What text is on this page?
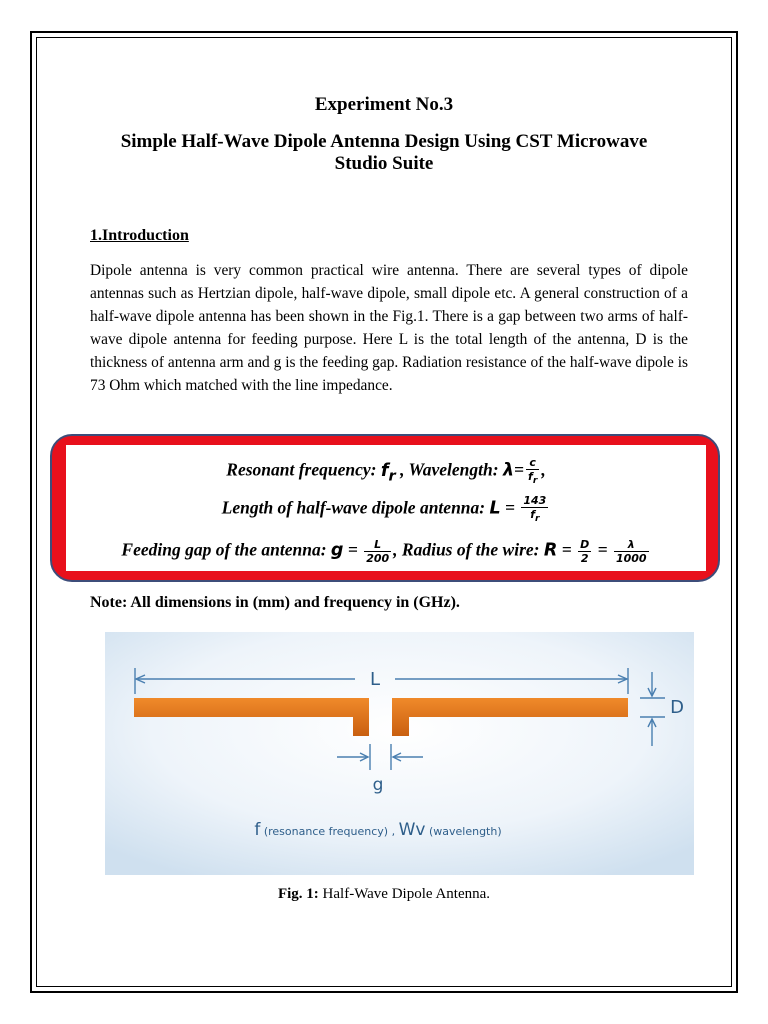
Experiment No.3
Simple Half-Wave Dipole Antenna Design Using CST Microwave
Studio Suite
1.Introduction
Dipole antenna is very common practical wire antenna. There are several types of dipole antennas such as Hertzian dipole, half-wave dipole, small dipole etc. A general construction of a half-wave dipole antenna has been shown in the Fig.1. There is a gap between two arms of half-wave dipole antenna for feeding purpose. Here L is the total length of the antenna, D is the thickness of antenna arm and g is the feeding gap. Radiation resistance of the half-wave dipole is 73 Ohm which matched with the line impedance.
Resonant frequency: $f_r$ , Wavelength: $\lambda= \frac{c}{f_r}$ ,
Length of half-wave dipole antenna: $L = \frac{143}{f_r}$
Feeding gap of the antenna: $g = \frac{L}{200}$ , Radius of the wire: $R = \frac{D}{2} = \frac{\lambda}{1000}$
Note: All dimensions in (mm) and frequency in (GHz).
L
D
g
f (resonance frequency) , Wv (wavelength)
Fig. 1: Half-Wave Dipole Antenna.
